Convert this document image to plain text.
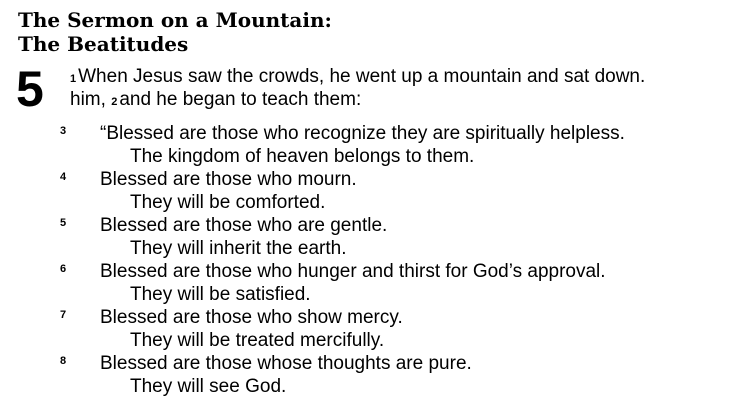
The Sermon on a Mountain:
The Beatitudes
5 $^1$ When Jesus saw the crowds, he went up a mountain and sat down.
him, $^2$ and he began to teach them:
3 “Blessed are those who recognize they are spiritually helpless.
The kingdom of heaven belongs to them.
4 Blessed are those who mourn.
They will be comforted.
5 Blessed are those who are gentle.
They will inherit the earth.
6 Blessed are those who hunger and thirst for God’s approval.
They will be satisfied.
7 Blessed are those who show mercy.
They will be treated mercifully.
8 Blessed are those whose thoughts are pure.
They will see God.
